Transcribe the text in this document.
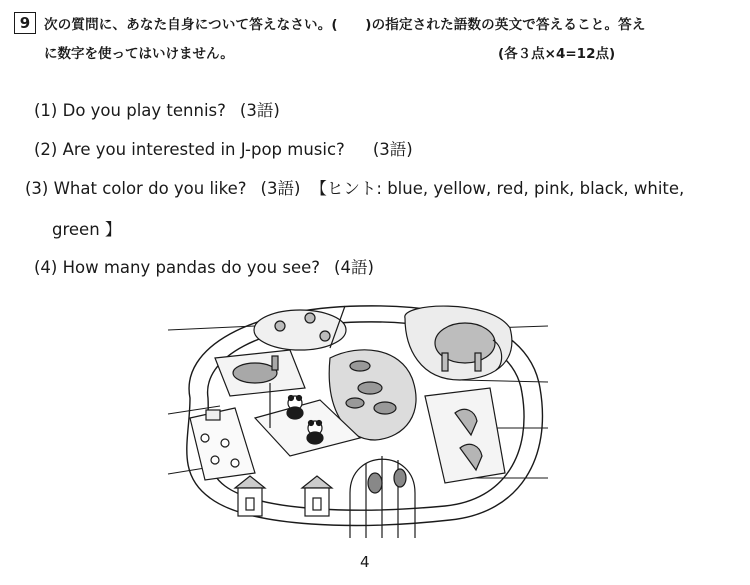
9	次の質問に、あなた自身について答えなさい。(　　)の指定された語数の英文で答えること。答え
に数字を使ってはいけません。	(各３点×4=12点)
(1) Do you play tennis? (3語)
(2) Are you interested in J-pop music? (3語)
(3) What color do you like? (3語) 【ヒント: blue, yellow, red, pink, black, white,
green 】
(4) How many pandas do you see? (4語)
4
